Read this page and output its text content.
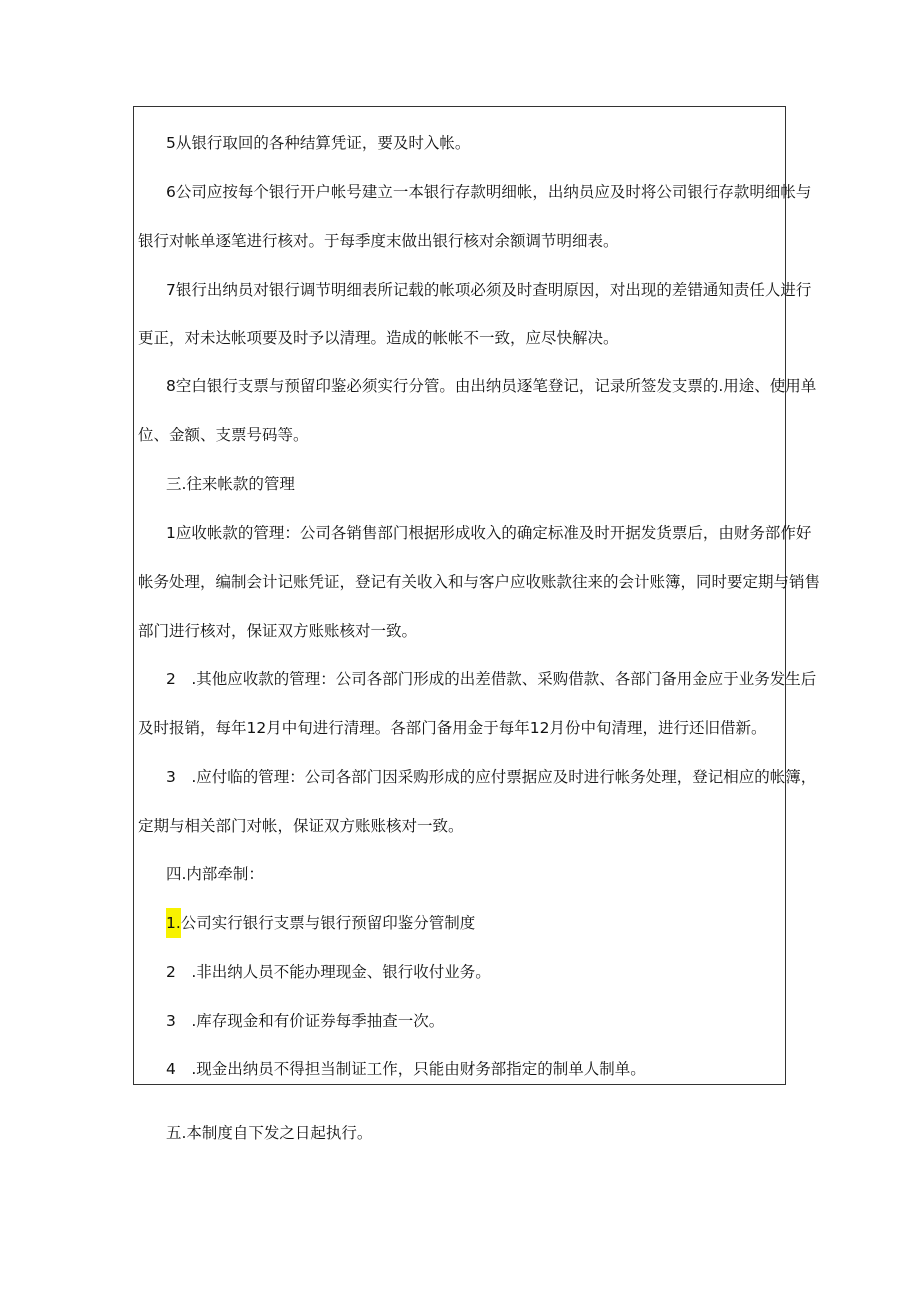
5从银行取回的各种结算凭证，要及时入帐。
6公司应按每个银行开户帐号建立一本银行存款明细帐，出纳员应及时将公司银行存款明细帐与
银行对帐单逐笔进行核对。于每季度末做出银行核对余额调节明细表。
7银行出纳员对银行调节明细表所记载的帐项必须及时查明原因，对出现的差错通知责任人进行
更正，对未达帐项要及时予以清理。造成的帐帐不一致，应尽快解决。
8空白银行支票与预留印鉴必须实行分管。由出纳员逐笔登记，记录所签发支票的.用途、使用单
位、金额、支票号码等。
三.往来帐款的管理
1应收帐款的管理：公司各销售部门根据形成收入的确定标准及时开据发货票后，由财务部作好
帐务处理，编制会计记账凭证，登记有关收入和与客户应收账款往来的会计账簿，同时要定期与销售
部门进行核对，保证双方账账核对一致。
2　.其他应收款的管理：公司各部门形成的出差借款、采购借款、各部门备用金应于业务发生后
及时报销，每年12月中旬进行清理。各部门备用金于每年12月份中旬清理，进行还旧借新。
3　.应付临的管理：公司各部门因采购形成的应付票据应及时进行帐务处理，登记相应的帐簿，
定期与相关部门对帐，保证双方账账核对一致。
四.内部牵制：
1.公司实行银行支票与银行预留印鉴分管制度
2　.非出纳人员不能办理现金、银行收付业务。
3　.库存现金和有价证券每季抽查一次。
4　.现金出纳员不得担当制证工作，只能由财务部指定的制单人制单。
五.本制度自下发之日起执行。
